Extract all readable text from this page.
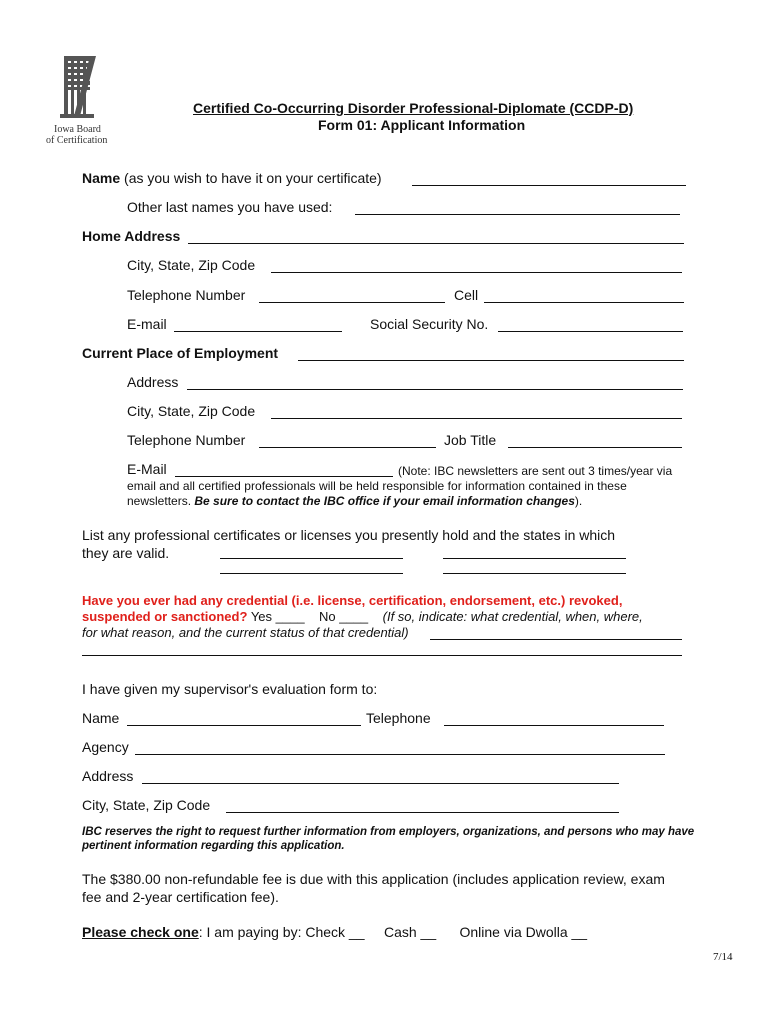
Iowa Board
of Certification
Certified Co-Occurring Disorder Professional-Diplomate (CCDP-D)
Form 01: Applicant Information
Name (as you wish to have it on your certificate)
Other last names you have used:
Home Address
City, State, Zip Code
Telephone Number	Cell
E-mail	Social Security No.
Current Place of Employment
Address
City, State, Zip Code
Telephone Number	Job Title
E-Mail	(Note: IBC newsletters are sent out 3 times/year via
email and all certified professionals will be held responsible for information contained in these
newsletters. Be sure to contact the IBC office if your email information changes).
List any professional certificates or licenses you presently hold and the states in which
they are valid.
Have you ever had any credential (i.e. license, certification, endorsement, etc.) revoked,
suspended or sanctioned? Yes ____ No ____ (If so, indicate: what credential, when, where,
for what reason, and the current status of that credential)
I have given my supervisor's evaluation form to:
Name	Telephone
Agency
Address
City, State, Zip Code
IBC reserves the right to request further information from employers, organizations, and persons who may have
pertinent information regarding this application.
The $380.00 non-refundable fee is due with this application (includes application review, exam
fee and 2-year certification fee).
Please check one: I am paying by: Check __ Cash __ Online via Dwolla __
7/14
